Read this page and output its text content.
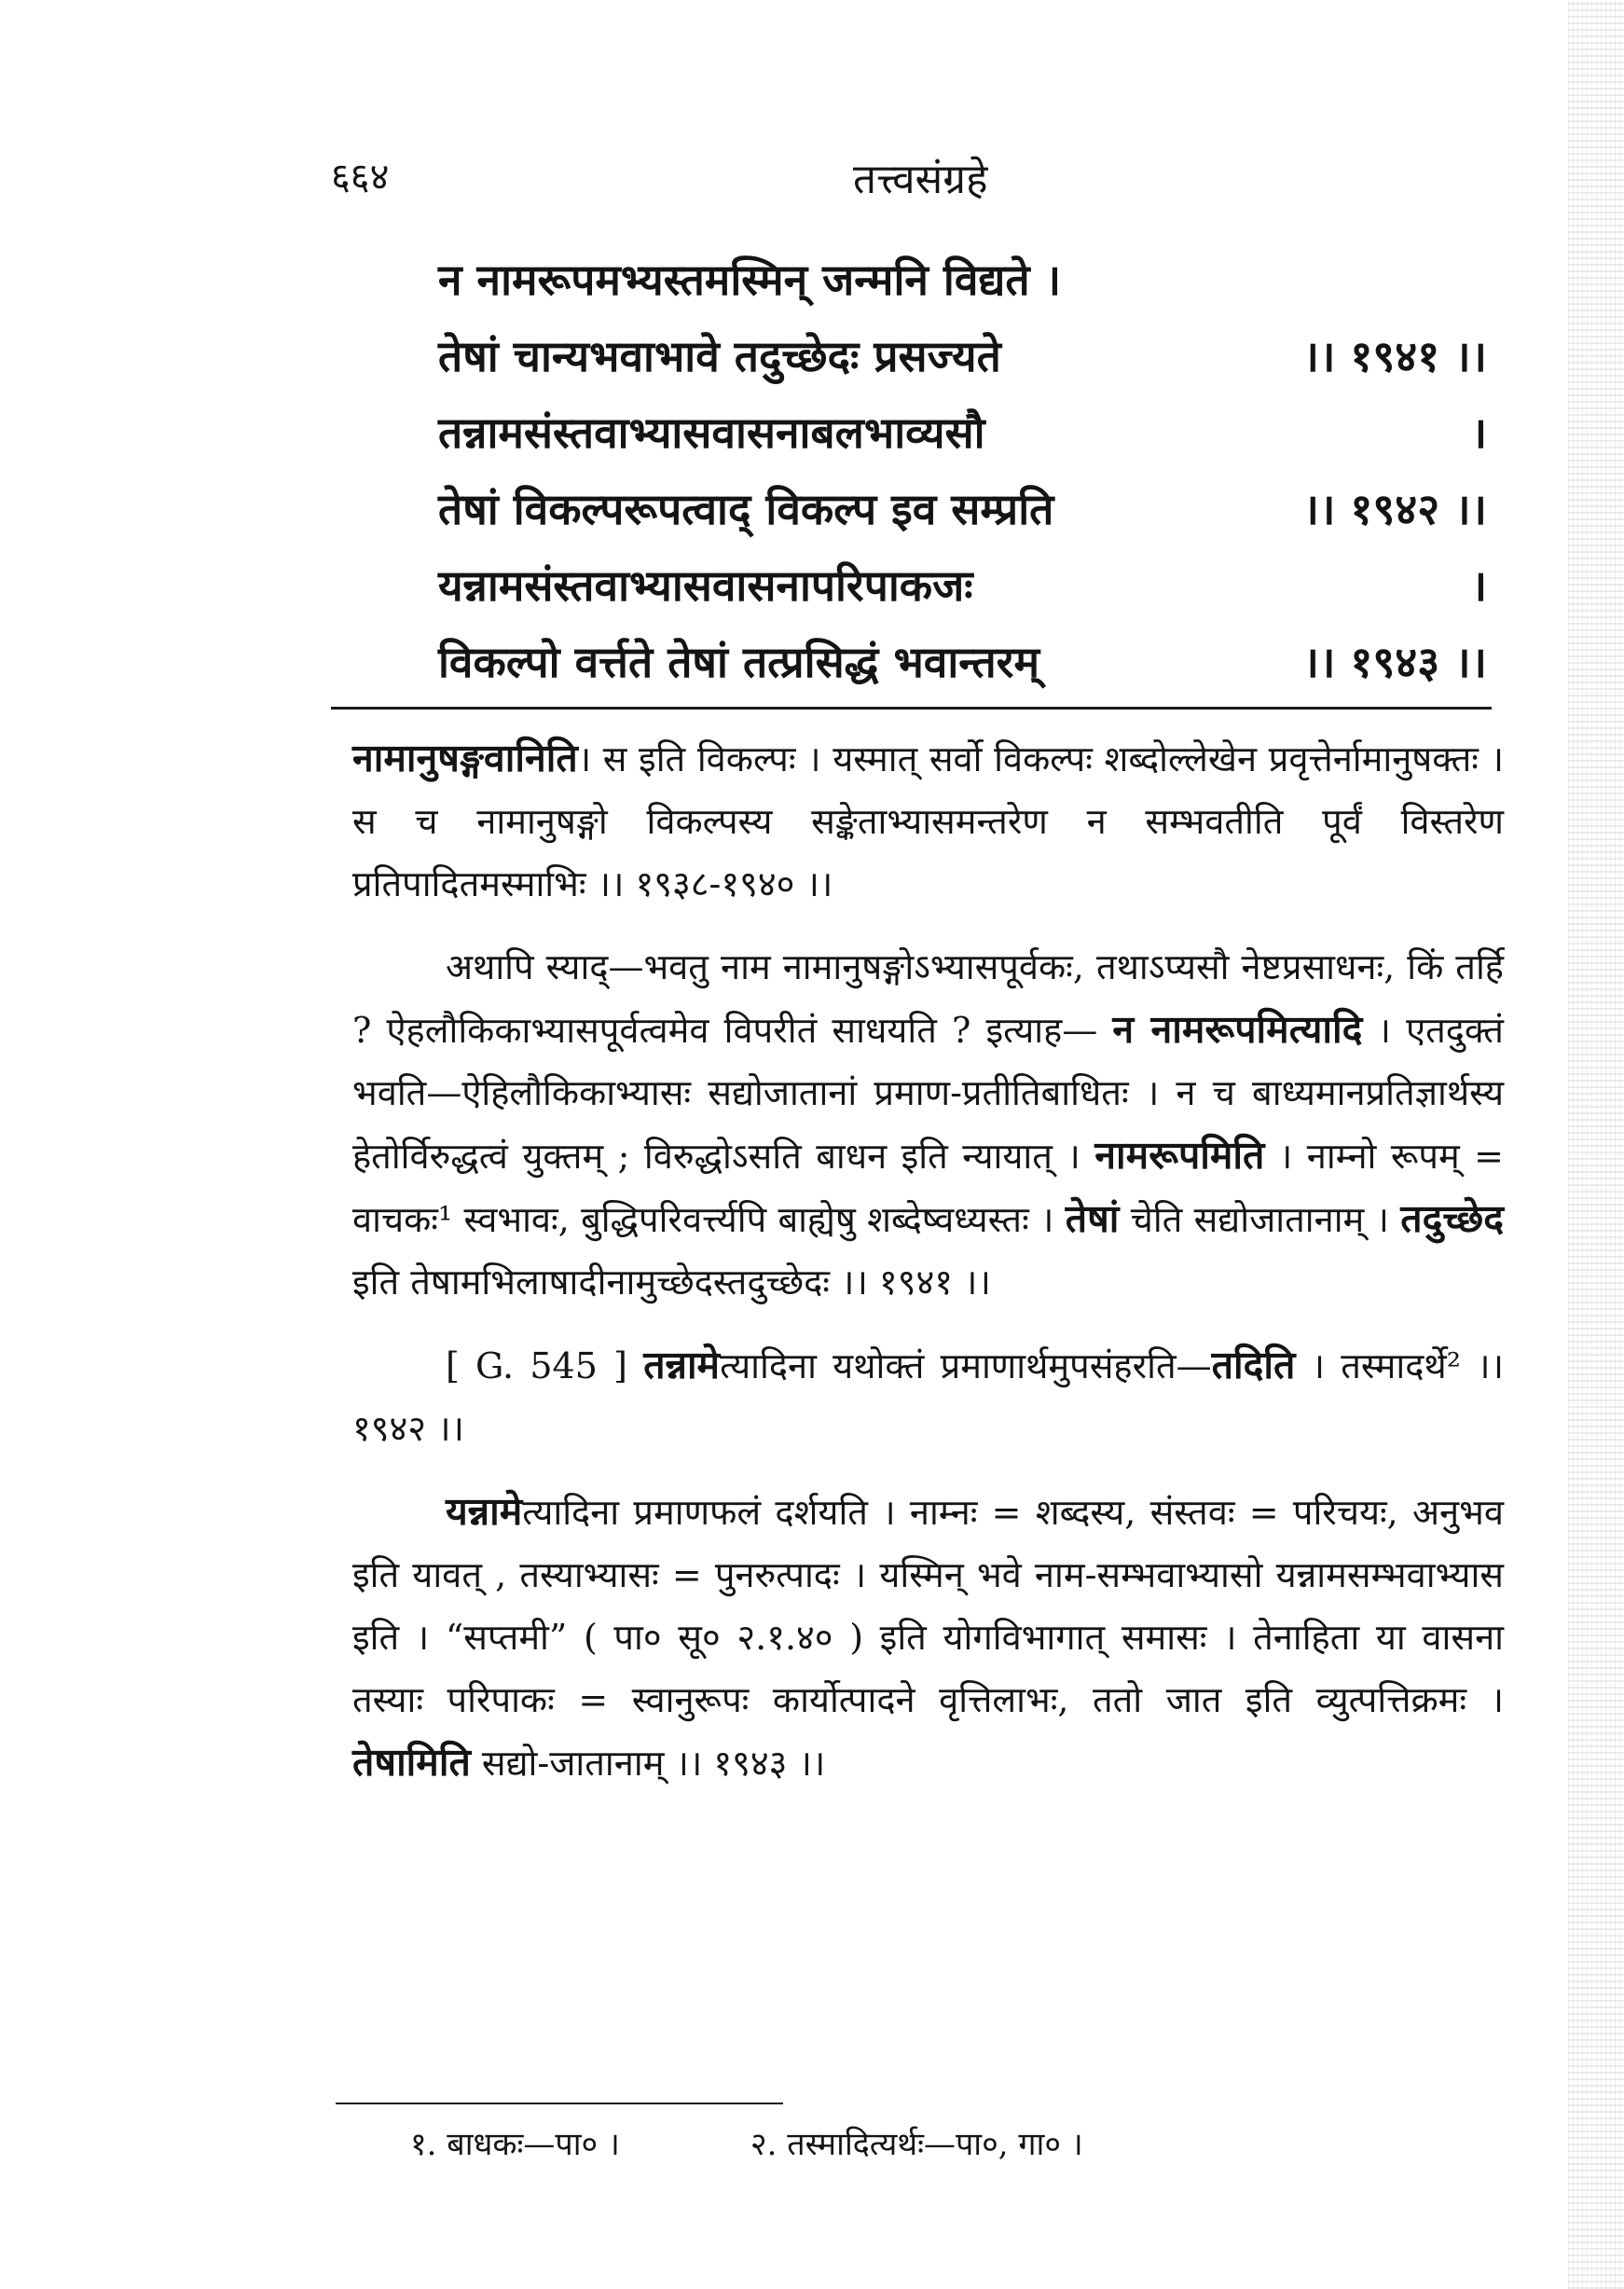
६६४	तत्त्वसंग्रहे
न नामरूपमभ्यस्तमस्मिन् जन्मनि विद्यते ।
तेषां चान्यभवाभावे तदुच्छेदः प्रसज्यते	।। १९४१ ।।
तन्नामसंस्तवाभ्यासवासनाबलभाव्यसौ	।
तेषां विकल्परूपत्वाद् विकल्प इव सम्प्रति	।। १९४२ ।।
यन्नामसंस्तवाभ्यासवासनापरिपाकजः	।
विकल्पो वर्त्तते तेषां तत्प्रसिद्धं भवान्तरम्	।। १९४३ ।।

नामानुषङ्गवानिति। स इति विकल्पः । यस्मात् सर्वो विकल्पः शब्दोल्लेखेन प्रवृत्तेर्नामानुषक्तः । स च नामानुषङ्गो विकल्पस्य सङ्केताभ्यासमन्तरेण न सम्भवतीति पूर्वं विस्तरेण प्रतिपादितमस्माभिः ।। १९३८-१९४० ।।

अथापि स्याद्—भवतु नाम नामानुषङ्गोऽभ्यासपूर्वकः, तथाऽप्यसौ नेष्टप्रसाधनः, किं तर्हि ? ऐहलौकिकाभ्यासपूर्वत्वमेव विपरीतं साधयति ? इत्याह— न नामरूपमित्यादि । एतदुक्तं भवति—ऐहिलौकिकाभ्यासः सद्योजातानां प्रमाण-प्रतीतिबाधितः । न च बाध्यमानप्रतिज्ञार्थस्य हेतोर्विरुद्धत्वं युक्तम् ; विरुद्धोऽसति बाधन इति न्यायात् । नामरूपमिति । नाम्नो रूपम् = वाचकः¹ स्वभावः, बुद्धिपरिवर्त्त्यपि बाह्येषु शब्देष्वध्यस्तः । तेषां चेति सद्योजातानाम् । तदुच्छेद इति तेषामभिलाषादीनामुच्छेदस्तदुच्छेदः ।। १९४१ ।।

[ G. 545 ] तन्नामेत्यादिना यथोक्तं प्रमाणार्थमुपसंहरति—तदिति । तस्मादर्थे² ।। १९४२ ।।

यन्नामेत्यादिना प्रमाणफलं दर्शयति । नाम्नः = शब्दस्य, संस्तवः = परिचयः, अनुभव इति यावत् , तस्याभ्यासः = पुनरुत्पादः । यस्मिन् भवे नाम-सम्भवाभ्यासो यन्नामसम्भवाभ्यास इति । “सप्तमी” ( पा० सू० २.१.४० ) इति योगविभागात् समासः । तेनाहिता या वासना तस्याः परिपाकः = स्वानुरूपः कार्योत्पादने वृत्तिलाभः, ततो जात इति व्युत्पत्तिक्रमः । तेषामिति सद्यो-जातानाम् ।। १९४३ ।।

१. बाधकः—पा० ।	२. तस्मादित्यर्थः—पा०, गा० ।
